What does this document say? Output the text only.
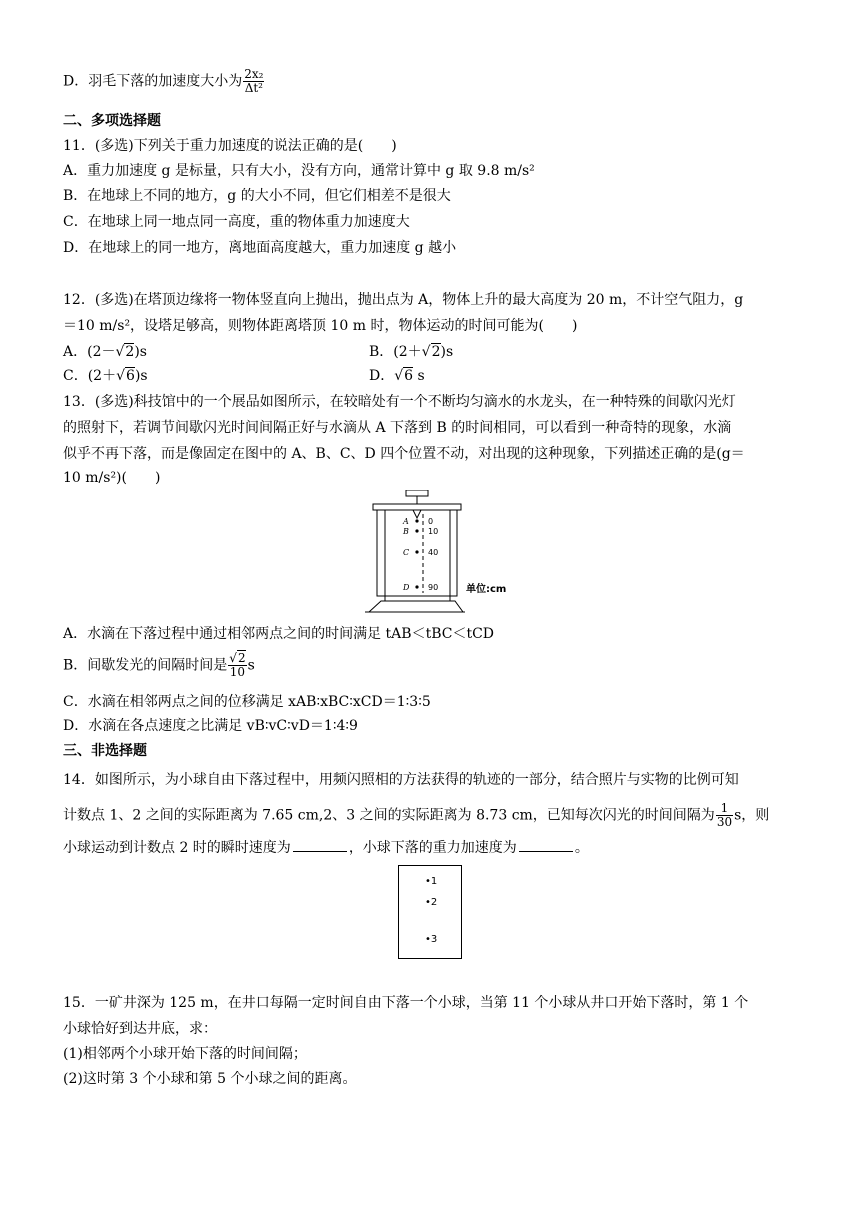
D．羽毛下落的加速度大小为 $\frac{\text{2x₂}}{\text{Δt²}}$
二、多项选择题
11．(多选)下列关于重力加速度的说法正确的是(　　)
A．重力加速度 g 是标量，只有大小，没有方向，通常计算中 g 取 9.8 m/s²
B．在地球上不同的地方，g 的大小不同，但它们相差不是很大
C．在地球上同一地点同一高度，重的物体重力加速度大
D．在地球上的同一地方，离地面高度越大，重力加速度 g 越小
12．(多选)在塔顶边缘将一物体竖直向上抛出，抛出点为 A，物体上升的最大高度为 20 m，不计空气阻力，g
＝10 m/s²，设塔足够高，则物体距离塔顶 10 m 时，物体运动的时间可能为(　　)
A．(2－√2)s	B．(2＋√2)s
C．(2＋√6)s	D．√6 s
13．(多选)科技馆中的一个展品如图所示，在较暗处有一个不断均匀滴水的水龙头，在一种特殊的间歇闪光灯
的照射下，若调节间歇闪光时间间隔正好与水滴从 A 下落到 B 的时间相同，可以看到一种奇特的现象，水滴
似乎不再下落，而是像固定在图中的 A、B、C、D 四个位置不动，对出现的这种现象，下列描述正确的是(g＝
10 m/s²)(　　)
A
B
C
D
0
10
40
90	单位:cm
A．水滴在下落过程中通过相邻两点之间的时间满足 tAB＜tBC＜tCD
B．间歇发光的间隔时间是 $\frac{√2}{10}$ s
C．水滴在相邻两点之间的位移满足 xAB∶xBC∶xCD＝1∶3∶5
D．水滴在各点速度之比满足 vB∶vC∶vD＝1∶4∶9
三、非选择题
14．如图所示，为小球自由下落过程中，用频闪照相的方法获得的轨迹的一部分，结合照片与实物的比例可知
计数点 1、2 之间的实际距离为 7.65 cm,2、3 之间的实际距离为 8.73 cm，已知每次闪光的时间间隔为 $\frac{1}{30}$ s，则
小球运动到计数点 2 时的瞬时速度为	，小球下落的重力加速度为	。
•1
•2
•3
15．一矿井深为 125 m，在井口每隔一定时间自由下落一个小球，当第 11 个小球从井口开始下落时，第 1 个
小球恰好到达井底，求：
(1)相邻两个小球开始下落的时间间隔；
(2)这时第 3 个小球和第 5 个小球之间的距离。
